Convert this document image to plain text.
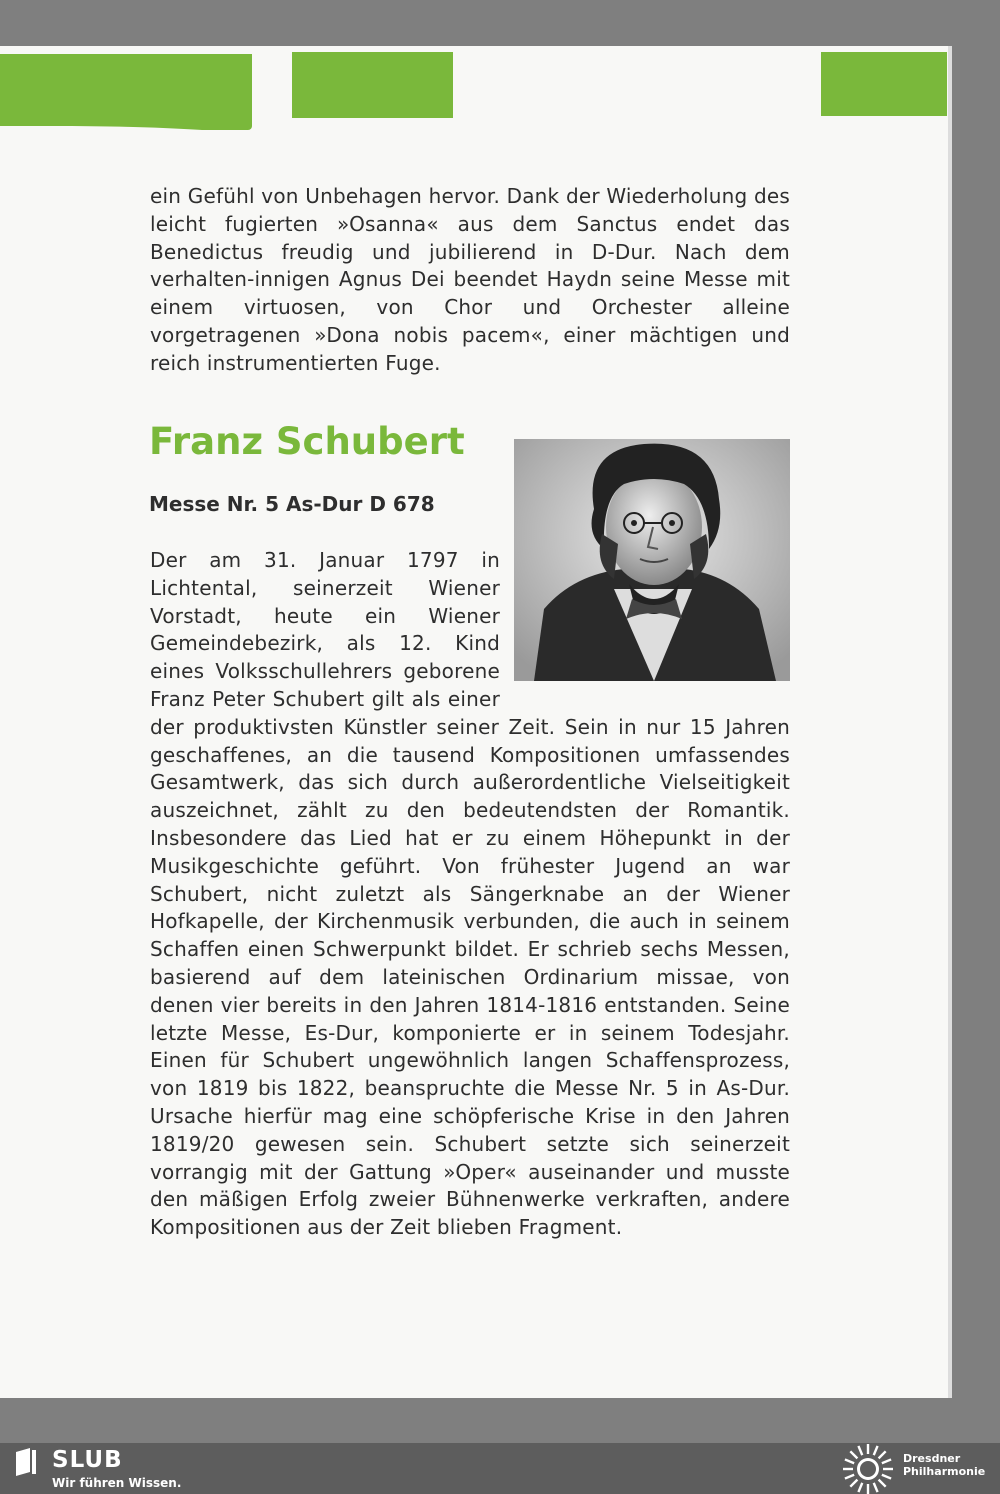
ein Gefühl von Unbehagen hervor. Dank der Wiederholung des leicht fugierten »Osanna« aus dem Sanctus endet das Benedictus freudig und jubilierend in D-Dur. Nach dem verhalten-innigen Agnus Dei beendet Haydn seine Messe mit einem virtuosen, von Chor und Orchester alleine vorgetragenen »Dona nobis pacem«, einer mächtigen und reich instrumentierten Fuge.
Franz Schubert
Messe Nr. 5 As-Dur D 678
Der am 31. Januar 1797 in Lichtental, seinerzeit Wiener Vorstadt, heute ein Wiener Gemeindebezirk, als 12. Kind eines Volksschullehrers geborene Franz Peter Schubert gilt als einer der produktivsten Künstler seiner Zeit. Sein in nur 15 Jahren geschaffenes, an die tausend Kompositionen umfassendes Gesamtwerk, das sich durch außerordentliche Vielseitigkeit auszeichnet, zählt zu den bedeutendsten der Romantik. Insbesondere das Lied hat er zu einem Höhepunkt in der Musikgeschichte geführt. Von frühester Jugend an war Schubert, nicht zuletzt als Sängerknabe an der Wiener Hofkapelle, der Kirchenmusik verbunden, die auch in seinem Schaffen einen Schwerpunkt bildet. Er schrieb sechs Messen, basierend auf dem lateinischen Ordinarium missae, von denen vier bereits in den Jahren 1814-1816 entstanden. Seine letzte Messe, Es-Dur, komponierte er in seinem Todesjahr. Einen für Schubert ungewöhnlich langen Schaffensprozess, von 1819 bis 1822, beanspruchte die Messe Nr. 5 in As-Dur. Ursache hierfür mag eine schöpferische Krise in den Jahren 1819/20 gewesen sein. Schubert setzte sich seinerzeit vorrangig mit der Gattung »Oper« auseinander und musste den mäßigen Erfolg zweier Bühnenwerke verkraften, andere Kompositionen aus der Zeit blieben Fragment.
SLUB
Wir führen Wissen.
Dresdner
Philharmonie
